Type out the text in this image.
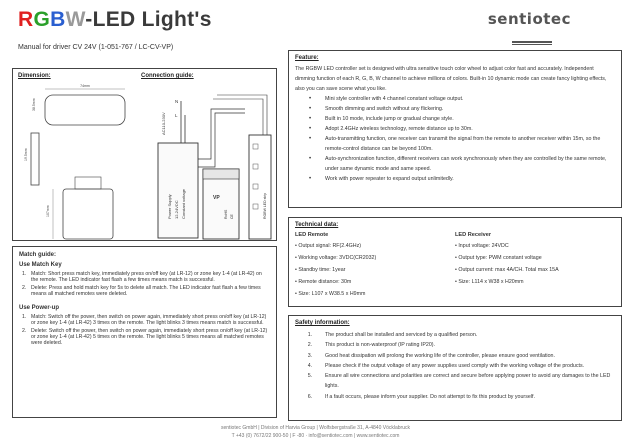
RGBW-LED Light's	sentiotec
Manual for driver CV 24V (1-051-767 / LC-CV-VP)
Dimension:	Connection guide:
74mm
38.5mm
19.5mm
107mm
AC110-230V
N
L
Power Supply 12-24VDC Constant voltage	VP
RoHS CE	RGBW LED strip
Match guide:
Use Match Key
1. Match: Short press match key, immediately press on/off key (at LR-12) or zone key 1-4 (at LR-42) on the remote. The LED indicator fast flash a few times means match is successful.
2. Delete: Press and hold match key for 5s to delete all match. The LED indicator fast flash a few times means all matched remotes were deleted.
Use Power-up
1. Match: Switch off the power, then switch on power again, immediately short press on/off key (at LR-12) or zone key 1-4 (at LR-42) 3 times on the remote. The light blinks 3 times means match is successful.
2. Delete: Switch off the power, then switch on power again, immediately short press on/off key (at LR-12) or zone key 1-4 (at LR-42) 5 times on the remote. The light blinks 5 times means all matched remotes were deleted.
Feature:
The RGBW LED controller set is designed with ultra sensitive touch color wheel to adjust color fast and accurately. Independent dimming function of each R, G, B, W channel to achieve millions of colors. Built-in 10 dynamic mode can create fancy lighting effects, also you can save scene what you like.
•	Mini style controller with 4 channel constant voltage output.
•	Smooth dimming and switch without any flickering.
•	Built in 10 mode, include jump or gradual change style.
•	Adopt 2.4GHz wireless technology, remote distance up to 30m.
•	Auto-transmitting function, one receiver can transmit the signal from the remote to another receiver within 15m, so the remote-control distance can be beyond 100m.
•	Auto-synchronization function, different receivers can work synchronously when they are controlled by the same remote, under same dynamic mode and same speed.
•	Work with power repeater to expand output unlimitedly.
Technical data:
LED Remote
• Output signal: RF(2.4GHz)
• Working voltage: 3VDC(CR2032)
• Standby time: 1year
• Remote distance: 30m
• Size: L107 x W38.5 x H9mm
LED Receiver
• Input voltage: 24VDC
• Output type: PWM constant voltage
• Output current: max 4A/CH. Total max 15A
• Size: L114 x W38 x H20mm
Safety information:
1.	The product shall be installed and serviced by a qualified person.
2.	This product is non-waterproof (IP rating IP20).
3.	Good heat dissipation will prolong the working life of the controller, please ensure good ventilation.
4.	Please check if the output voltage of any power supplies used comply with the working voltage of the products.
5.	Ensure all wire connections and polarities are correct and secure before applying power to avoid any damages to the LED lights.
6.	If a fault occurs, please inform your supplier. Do not attempt to fix this product by yourself.
sentiotec GmbH | Division of Harvia Group | Wolfsbergstraße 31, A-4840 Vöcklabruck
T +43 (0) 7672/22 900-50 | F -80 · info@sentiotec.com | www.sentiotec.com
